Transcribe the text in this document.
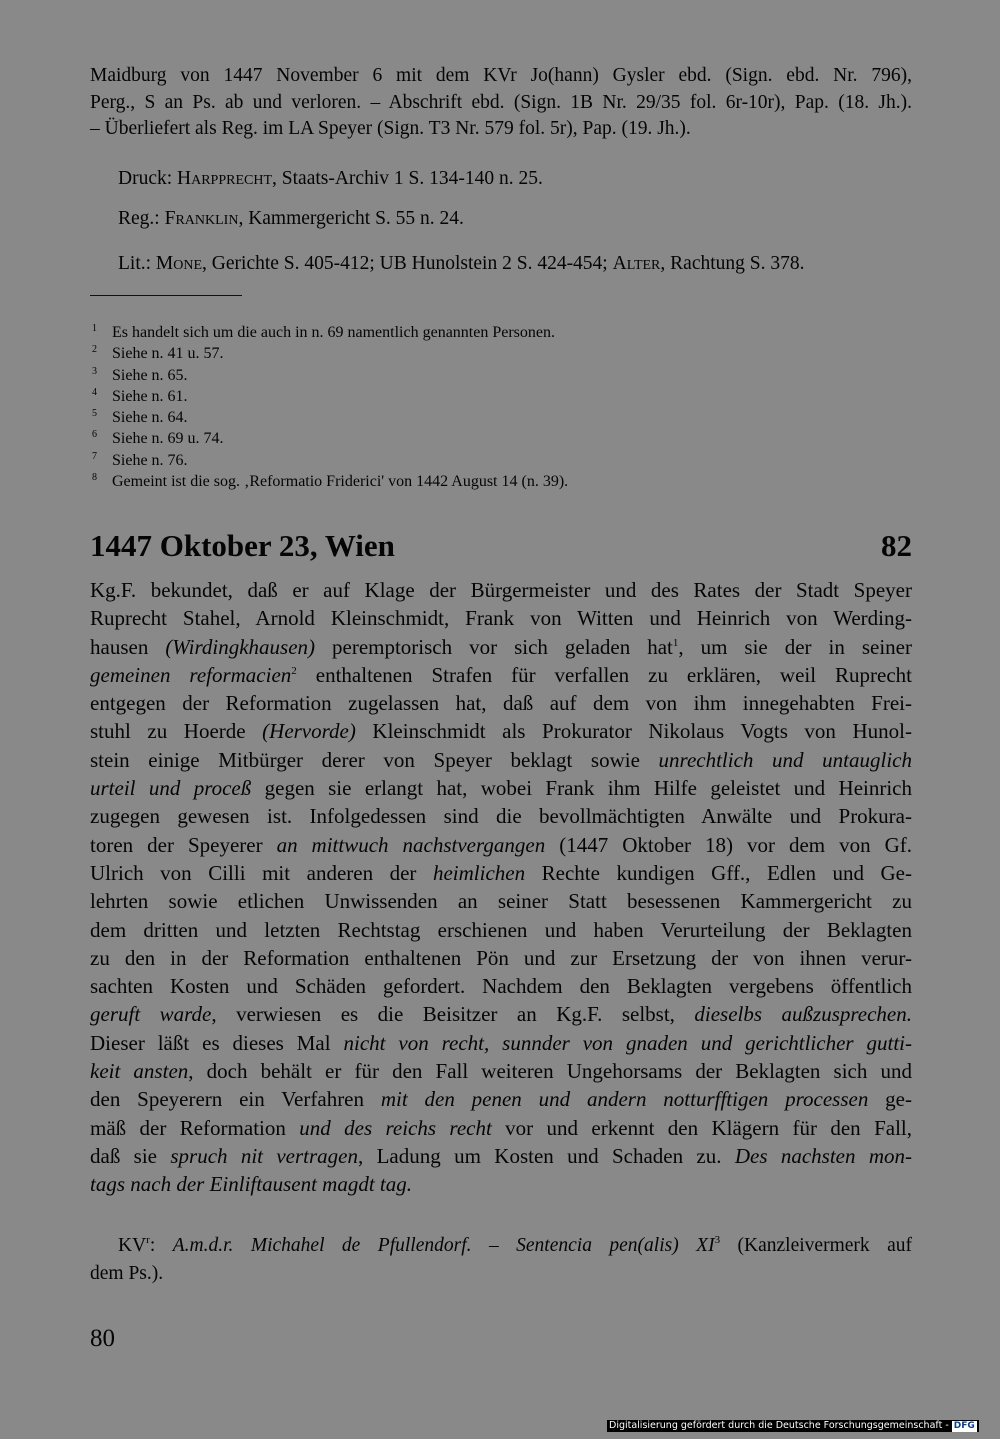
Maidburg von 1447 November 6 mit dem KVr Jo(hann) Gysler ebd. (Sign. ebd. Nr. 796),
Perg., S an Ps. ab und verloren. – Abschrift ebd. (Sign. 1B Nr. 29/35 fol. 6r-10r), Pap. (18. Jh.).
– Überliefert als Reg. im LA Speyer (Sign. T3 Nr. 579 fol. 5r), Pap. (19. Jh.).
Druck: Harpprecht, Staats-Archiv 1 S. 134-140 n. 25.
Reg.: Franklin, Kammergericht S. 55 n. 24.
Lit.: Mone, Gerichte S. 405-412; UB Hunolstein 2 S. 424-454; Alter, Rachtung S. 378.
1 Es handelt sich um die auch in n. 69 namentlich genannten Personen.
2 Siehe n. 41 u. 57.
3 Siehe n. 65.
4 Siehe n. 61.
5 Siehe n. 64.
6 Siehe n. 69 u. 74.
7 Siehe n. 76.
8 Gemeint ist die sog. ‚Reformatio Friderici' von 1442 August 14 (n. 39).
1447 Oktober 23, Wien	82
Kg.F. bekundet, daß er auf Klage der Bürgermeister und des Rates der Stadt Speyer
Ruprecht Stahel, Arnold Kleinschmidt, Frank von Witten und Heinrich von Werding-
hausen (Wirdingkhausen) peremptorisch vor sich geladen hat$^1$, um sie der in seiner
gemeinen reformacien$^2$ enthaltenen Strafen für verfallen zu erklären, weil Ruprecht
entgegen der Reformation zugelassen hat, daß auf dem von ihm innegehabten Frei-
stuhl zu Hoerde (Hervorde) Kleinschmidt als Prokurator Nikolaus Vogts von Hunol-
stein einige Mitbürger derer von Speyer beklagt sowie unrechtlich und untauglich
urteil und proceß gegen sie erlangt hat, wobei Frank ihm Hilfe geleistet und Heinrich
zugegen gewesen ist. Infolgedessen sind die bevollmächtigten Anwälte und Prokura-
toren der Speyerer an mittwuch nachstvergangen (1447 Oktober 18) vor dem von Gf.
Ulrich von Cilli mit anderen der heimlichen Rechte kundigen Gff., Edlen und Ge-
lehrten sowie etlichen Unwissenden an seiner Statt besessenen Kammergericht zu
dem dritten und letzten Rechtstag erschienen und haben Verurteilung der Beklagten
zu den in der Reformation enthaltenen Pön und zur Ersetzung der von ihnen verur-
sachten Kosten und Schäden gefordert. Nachdem den Beklagten vergebens öffentlich
geruft warde, verwiesen es die Beisitzer an Kg.F. selbst, dieselbs außzusprechen.
Dieser läßt es dieses Mal nicht von recht, sunnder von gnaden und gerichtlicher gutti-
keit ansten, doch behält er für den Fall weiteren Ungehorsams der Beklagten sich und
den Speyerern ein Verfahren mit den penen und andern notturfftigen processen ge-
mäß der Reformation und des reichs recht vor und erkennt den Klägern für den Fall,
daß sie spruch nit vertragen, Ladung um Kosten und Schaden zu. Des nachsten mon-
tags nach der Einliftausent magdt tag.
$KV^r$: A.m.d.r. Michahel de Pfullendorf. – Sentencia pen(alis) $XI^3$ (Kanzleivermerk auf
dem Ps.).
80
Digitalisierung gefördert durch die Deutsche Forschungsgemeinschaft - DFG
